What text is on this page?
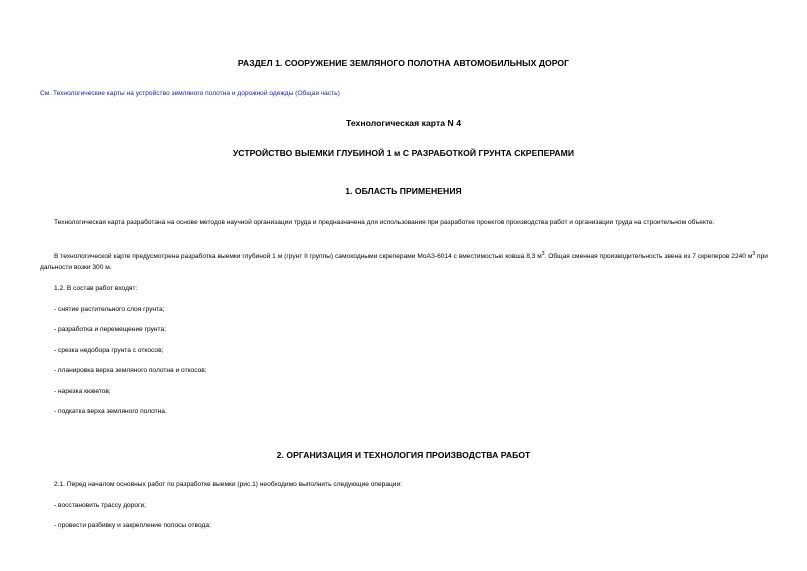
РАЗДЕЛ 1. СООРУЖЕНИЕ ЗЕМЛЯНОГО ПОЛОТНА АВТОМОБИЛЬНЫХ ДОРОГ
См. Технологические карты на устройство земляного полотна и дорожной одежды (Общая часть)
Технологическая карта N 4
УСТРОЙСТВО ВЫЕМКИ ГЛУБИНОЙ 1 м С РАЗРАБОТКОЙ ГРУНТА СКРЕПЕРАМИ
1. ОБЛАСТЬ ПРИМЕНЕНИЯ
Технологическая карта разработана на основе методов научной организации труда и предназначена для использования при разработке проектов производства работ и организации труда на строительном объекте.
В технологической карте предусмотрена разработка выемки глубиной 1 м (грунт II группы) самоходными скреперами МоАЗ-6014 с вместимостью ковша 8,3 $м^3$. Общая сменная производительность звена из 7 скреперов 2240 $м^3$ при дальности возки 300 м.
1.2. В состав работ входят:
- снятие растительного слоя грунта;
- разработка и перемещение грунта;
- срезка недобора грунта с откосов;
- планировка верха земляного полотна и откосов;
- нарезка кюветов;
- подкатка верха земляного полотна.
2. ОРГАНИЗАЦИЯ И ТЕХНОЛОГИЯ ПРОИЗВОДСТВА РАБОТ
2.1. Перед началом основных работ по разработке выемки (рис.1) необходимо выполнить следующие операции:
- восстановить трассу дороги;
- провести разбивку и закрепление полосы отвода;
